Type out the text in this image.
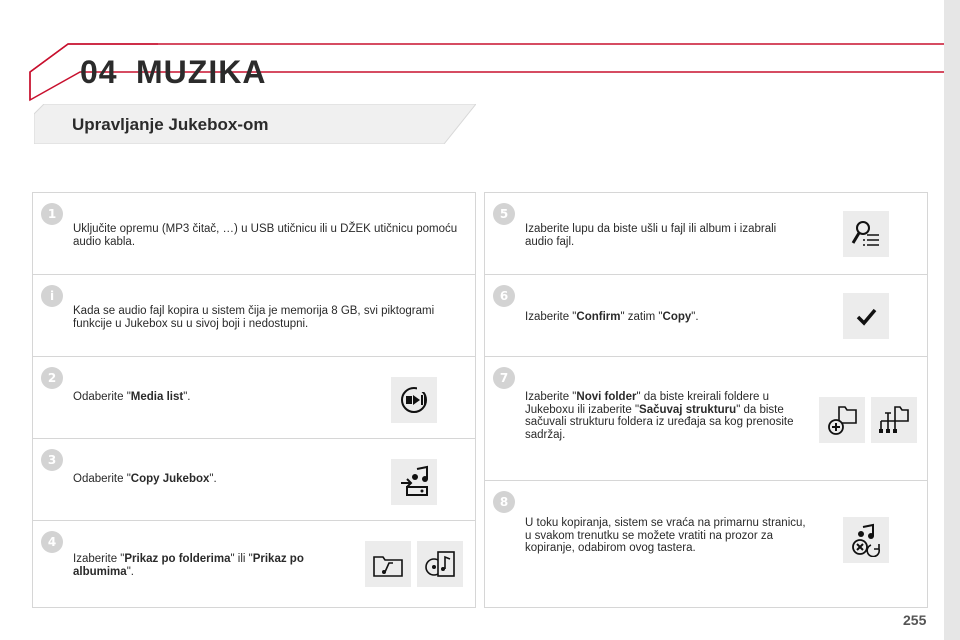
04 MUZIKA
Upravljanje Jukebox-om
1
Uključite opremu (MP3 čitač, …) u USB utičnicu ili u DŽEK utičnicu pomoću audio kabla.
i
Kada se audio fajl kopira u sistem čija je memorija 8 GB, svi piktogrami funkcije u Jukebox su u sivoj boji i nedostupni.
2
Odaberite "Media list".
3
Odaberite "Copy Jukebox".
4
Izaberite "Prikaz po folderima" ili "Prikaz po albumima".
5
Izaberite lupu da biste ušli u fajl ili album i izabrali audio fajl.
6
Izaberite "Confirm" zatim "Copy".
7
Izaberite "Novi folder" da biste kreirali foldere u Jukeboxu ili izaberite "Sačuvaj strukturu" da biste sačuvali strukturu foldera iz uređaja sa kog prenosite sadržaj.
8
U toku kopiranja, sistem se vraća na primarnu stranicu, u svakom trenutku se možete vratiti na prozor za kopiranje, odabirom ovog tastera.
255
